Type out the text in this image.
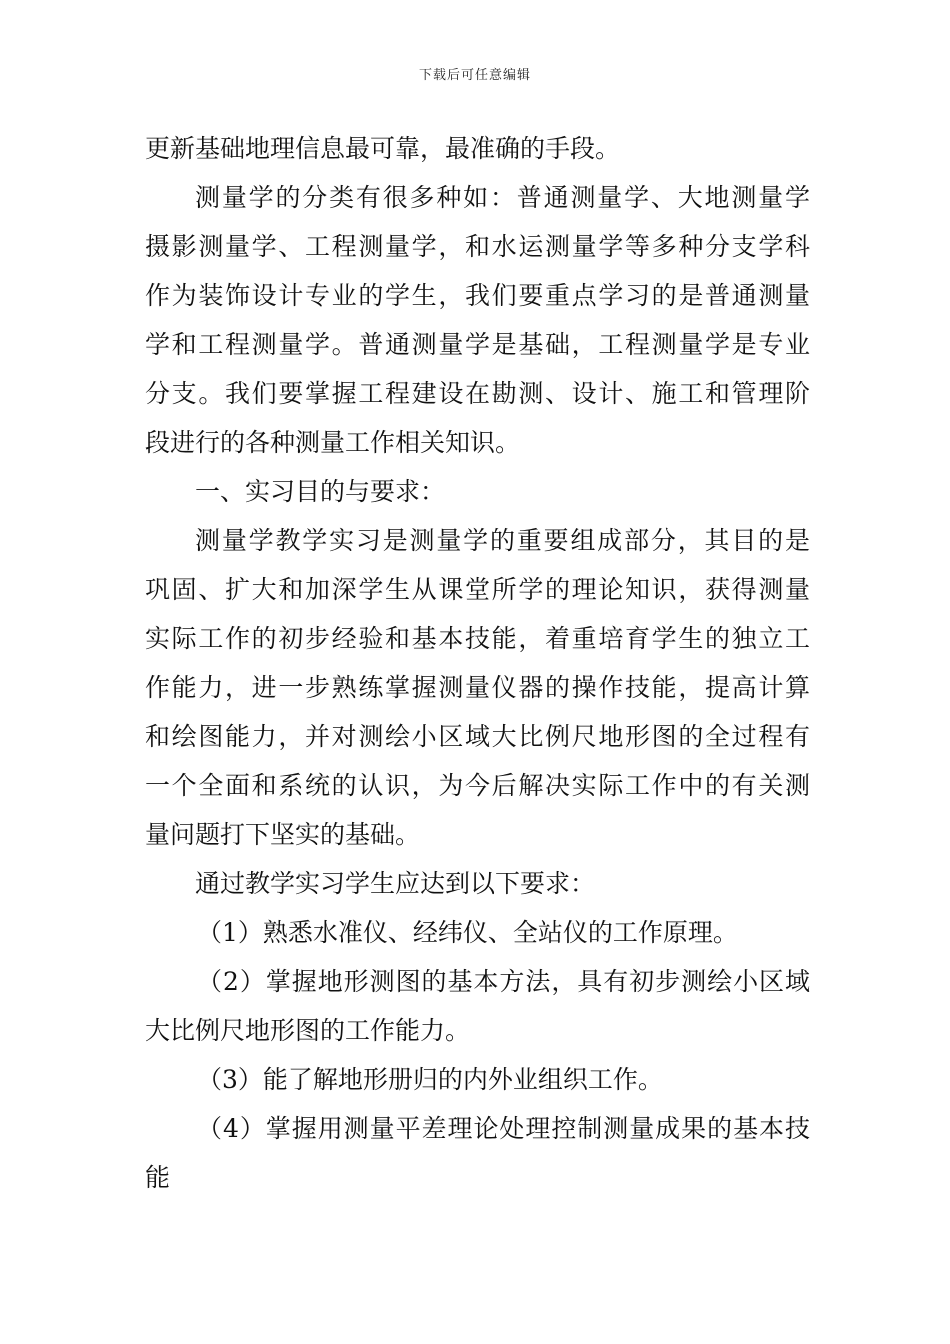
下载后可任意编辑
更新基础地理信息最可靠，最准确的手段。
测量学的分类有很多种如：普通测量学、大地测量学
摄影测量学、工程测量学，和水运测量学等多种分支学科
作为装饰设计专业的学生，我们要重点学习的是普通测量
学和工程测量学。普通测量学是基础，工程测量学是专业
分支。我们要掌握工程建设在勘测、设计、施工和管理阶
段进行的各种测量工作相关知识。
一、实习目的与要求：
测量学教学实习是测量学的重要组成部分，其目的是
巩固、扩大和加深学生从课堂所学的理论知识，获得测量
实际工作的初步经验和基本技能，着重培育学生的独立工
作能力，进一步熟练掌握测量仪器的操作技能，提高计算
和绘图能力，并对测绘小区域大比例尺地形图的全过程有
一个全面和系统的认识，为今后解决实际工作中的有关测
量问题打下坚实的基础。
通过教学实习学生应达到以下要求：
（1）熟悉水准仪、经纬仪、全站仪的工作原理。
（2）掌握地形测图的基本方法，具有初步测绘小区域
大比例尺地形图的工作能力。
（3）能了解地形册归的内外业组织工作。
（4）掌握用测量平差理论处理控制测量成果的基本技
能
